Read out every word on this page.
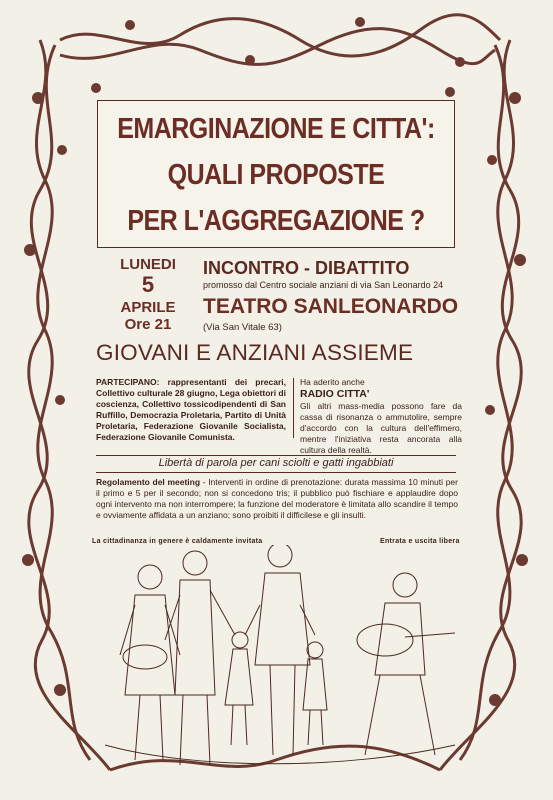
EMARGINAZIONE E CITTA':
QUALI PROPOSTE
PER L'AGGREGAZIONE ?
LUNEDI
5
APRILE
Ore 21
INCONTRO - DIBATTITO
promosso dal Centro sociale anziani di via San Leonardo 24
TEATRO SANLEONARDO
(Via San Vitale 63)
GIOVANI E ANZIANI ASSIEME
PARTECIPANO: rappresentanti dei precari, Collettivo culturale 28 giugno, Lega obiettori di coscienza, Collettivo tossicodipendenti di San Ruffillo, Democrazia Proletaria, Partito di Unità Proletaria, Federazione Giovanile Socialista, Federazione Giovanile Comunista.
Ha aderito anche
RADIO CITTA'
Gli altri mass-media possono fare da cassa di risonanza o ammutolire, sempre d'accordo con la cultura dell'effimero, mentre l'iniziativa resta ancorata alla cultura della realtà.
Libertà di parola per cani sciolti e gatti ingabbiati
Regolamento del meeting - Interventi in ordine di prenotazione: durata massima 10 minuti per il primo e 5 per il secondo; non si concedono tris; il pubblico può fischiare e applaudire dopo ogni intervento ma non interrompere; la funzione del moderatore è limitata allo scandire il tempo e ovviamente affidata a un anziano; sono proibiti il difficilese e gli insulti.
La cittadinanza in genere è caldamente invitata	Entrata e uscita libera
